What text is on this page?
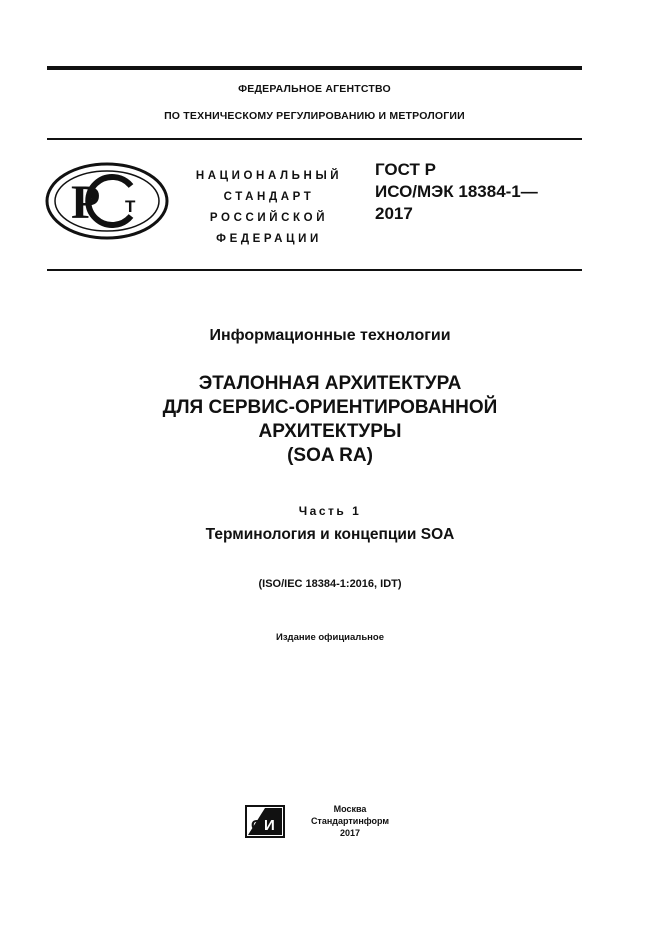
ФЕДЕРАЛЬНОЕ АГЕНТСТВО
ПО ТЕХНИЧЕСКОМУ РЕГУЛИРОВАНИЮ И МЕТРОЛОГИИ
Р Т
НАЦИОНАЛЬНЫЙ
СТАНДАРТ
РОССИЙСКОЙ
ФЕДЕРАЦИИ
ГОСТ Р
ИСО/МЭК 18384-1—
2017
Информационные технологии
ЭТАЛОННАЯ АРХИТЕКТУРА
ДЛЯ СЕРВИС-ОРИЕНТИРОВАННОЙ
АРХИТЕКТУРЫ
(SOA RA)
Часть 1
Терминология и концепции SOA
(ISO/IEC 18384-1:2016, IDT)
Издание официальное
С И
Москва
Стандартинформ
2017
